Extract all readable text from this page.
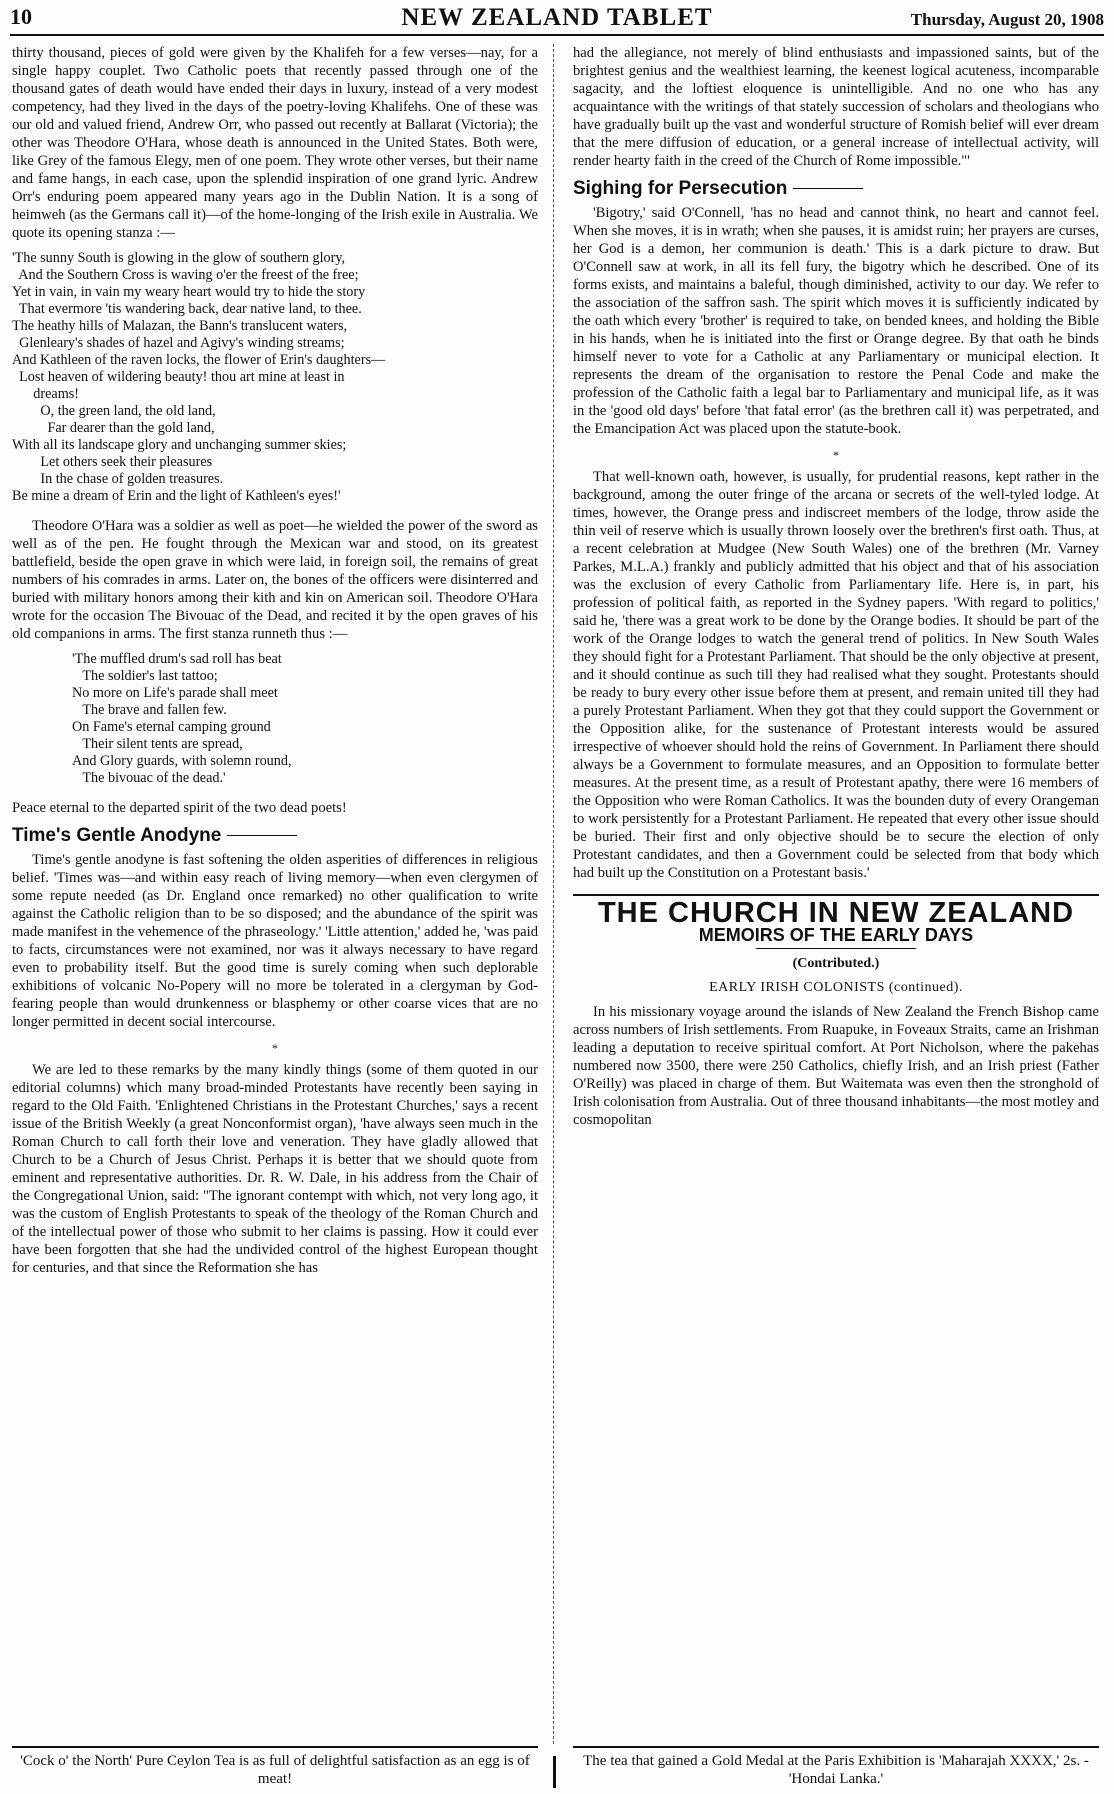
10	NEW ZEALAND TABLET	Thursday, August 20, 1908

thirty thousand, pieces of gold were given by the Khalifeh for a few verses—nay, for a single happy couplet. Two Catholic poets that recently passed through one of the thousand gates of death would have ended their days in luxury, instead of a very modest competency, had they lived in the days of the poetry-loving Khalifehs. One of these was our old and valued friend, Andrew Orr, who passed out recently at Ballarat (Victoria); the other was Theodore O'Hara, whose death is announced in the United States. Both were, like Grey of the famous Elegy, men of one poem. They wrote other verses, but their name and fame hangs, in each case, upon the splendid inspiration of one grand lyric. Andrew Orr's enduring poem appeared many years ago in the Dublin Nation. It is a song of heimweh (as the Germans call it)—of the home-longing of the Irish exile in Australia. We quote its opening stanza :—

'The sunny South is glowing in the glow of southern glory,
And the Southern Cross is waving o'er the freest of the free;
Yet in vain, in vain my weary heart would try to hide the story
That evermore 'tis wandering back, dear native land, to thee.
The heathy hills of Malazan, the Bann's translucent waters,
Glenleary's shades of hazel and Agivy's winding streams;
And Kathleen of the raven locks, the flower of Erin's daughters—
Lost heaven of wildering beauty! thou art mine at least in
dreams!
O, the green land, the old land,
Far dearer than the gold land,
With all its landscape glory and unchanging summer skies;
Let others seek their pleasures
In the chase of golden treasures.
Be mine a dream of Erin and the light of Kathleen's eyes!'

Theodore O'Hara was a soldier as well as poet—he wielded the power of the sword as well as of the pen. He fought through the Mexican war and stood, on its greatest battlefield, beside the open grave in which were laid, in foreign soil, the remains of great numbers of his comrades in arms. Later on, the bones of the officers were disinterred and buried with military honors among their kith and kin on American soil. Theodore O'Hara wrote for the occasion The Bivouac of the Dead, and recited it by the open graves of his old companions in arms. The first stanza runneth thus :—

'The muffled drum's sad roll has beat
The soldier's last tattoo;
No more on Life's parade shall meet
The brave and fallen few.
On Fame's eternal camping ground
Their silent tents are spread,
And Glory guards, with solemn round,
The bivouac of the dead.'

Peace eternal to the departed spirit of the two dead poets!

Time's Gentle Anodyne

Time's gentle anodyne is fast softening the olden asperities of differences in religious belief. 'Times was—and within easy reach of living memory—when even clergymen of some repute needed (as Dr. England once remarked) no other qualification to write against the Catholic religion than to be so disposed; and the abundance of the spirit was made manifest in the vehemence of the phraseology.' 'Little attention,' added he, 'was paid to facts, circumstances were not examined, nor was it always necessary to have regard even to probability itself. But the good time is surely coming when such deplorable exhibitions of volcanic No-Popery will no more be tolerated in a clergyman by God-fearing people than would drunkenness or blasphemy or other coarse vices that are no longer permitted in decent social intercourse.

*

We are led to these remarks by the many kindly things (some of them quoted in our editorial columns) which many broad-minded Protestants have recently been saying in regard to the Old Faith. 'Enlightened Christians in the Protestant Churches,' says a recent issue of the British Weekly (a great Nonconformist organ), 'have always seen much in the Roman Church to call forth their love and veneration. They have gladly allowed that Church to be a Church of Jesus Christ. Perhaps it is better that we should quote from eminent and representative authorities. Dr. R. W. Dale, in his address from the Chair of the Congregational Union, said: "The ignorant contempt with which, not very long ago, it was the custom of English Protestants to speak of the theology of the Roman Church and of the intellectual power of those who submit to her claims is passing. How it could ever have been forgotten that she had the undivided control of the highest European thought for centuries, and that since the Reformation she has

had the allegiance, not merely of blind enthusiasts and impassioned saints, but of the brightest genius and the wealthiest learning, the keenest logical acuteness, incomparable sagacity, and the loftiest eloquence is unintelligible. And no one who has any acquaintance with the writings of that stately succession of scholars and theologians who have gradually built up the vast and wonderful structure of Romish belief will ever dream that the mere diffusion of education, or a general increase of intellectual activity, will render hearty faith in the creed of the Church of Rome impossible."'

Sighing for Persecution

'Bigotry,' said O'Connell, 'has no head and cannot think, no heart and cannot feel. When she moves, it is in wrath; when she pauses, it is amidst ruin; her prayers are curses, her God is a demon, her communion is death.' This is a dark picture to draw. But O'Connell saw at work, in all its fell fury, the bigotry which he described. One of its forms exists, and maintains a baleful, though diminished, activity to our day. We refer to the association of the saffron sash. The spirit which moves it is sufficiently indicated by the oath which every 'brother' is required to take, on bended knees, and holding the Bible in his hands, when he is initiated into the first or Orange degree. By that oath he binds himself never to vote for a Catholic at any Parliamentary or municipal election. It represents the dream of the organisation to restore the Penal Code and make the profession of the Catholic faith a legal bar to Parliamentary and municipal life, as it was in the 'good old days' before 'that fatal error' (as the brethren call it) was perpetrated, and the Emancipation Act was placed upon the statute-book.

*

That well-known oath, however, is usually, for prudential reasons, kept rather in the background, among the outer fringe of the arcana or secrets of the well-tyled lodge. At times, however, the Orange press and indiscreet members of the lodge, throw aside the thin veil of reserve which is usually thrown loosely over the brethren's first oath. Thus, at a recent celebration at Mudgee (New South Wales) one of the brethren (Mr. Varney Parkes, M.L.A.) frankly and publicly admitted that his object and that of his association was the exclusion of every Catholic from Parliamentary life. Here is, in part, his profession of political faith, as reported in the Sydney papers. 'With regard to politics,' said he, 'there was a great work to be done by the Orange bodies. It should be part of the work of the Orange lodges to watch the general trend of politics. In New South Wales they should fight for a Protestant Parliament. That should be the only objective at present, and it should continue as such till they had realised what they sought. Protestants should be ready to bury every other issue before them at present, and remain united till they had a purely Protestant Parliament. When they got that they could support the Government or the Opposition alike, for the sustenance of Protestant interests would be assured irrespective of whoever should hold the reins of Government. In Parliament there should always be a Government to formulate measures, and an Opposition to formulate better measures. At the present time, as a result of Protestant apathy, there were 16 members of the Opposition who were Roman Catholics. It was the bounden duty of every Orangeman to work persistently for a Protestant Parliament. He repeated that every other issue should be buried. Their first and only objective should be to secure the election of only Protestant candidates, and then a Government could be selected from that body which had built up the Constitution on a Protestant basis.'

THE CHURCH IN NEW ZEALAND
MEMOIRS OF THE EARLY DAYS
(Contributed.)
EARLY IRISH COLONISTS (continued).

In his missionary voyage around the islands of New Zealand the French Bishop came across numbers of Irish settlements. From Ruapuke, in Foveaux Straits, came an Irishman leading a deputation to receive spiritual comfort. At Port Nicholson, where the pakehas numbered now 3500, there were 250 Catholics, chiefly Irish, and an Irish priest (Father O'Reilly) was placed in charge of them. But Waitemata was even then the stronghold of Irish colonisation from Australia. Out of three thousand inhabitants—the most motley and cosmopolitan

'Cock o' the North' Pure Ceylon Tea is as full of delightful satisfaction as an egg is of meat!
The tea that gained a Gold Medal at the Paris Exhibition is 'Maharajah XXXX,' 2s. - 'Hondai Lanka.'
